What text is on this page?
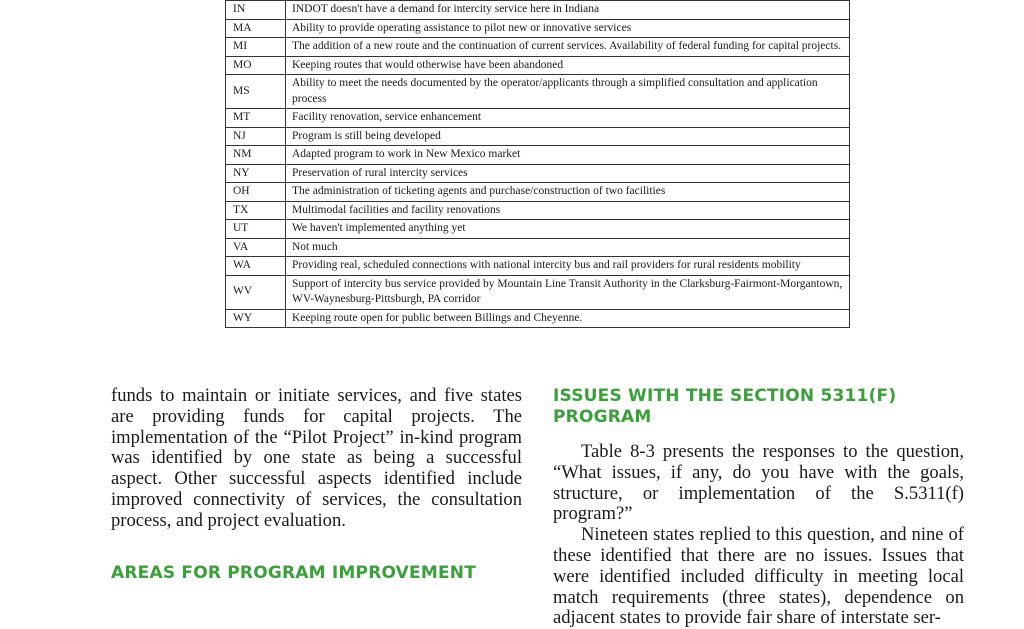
IN	INDOT doesn't have a demand for intercity service here in Indiana
MA	Ability to provide operating assistance to pilot new or innovative services
MI	The addition of a new route and the continuation of current services. Availability of federal funding for capital projects.
MO	Keeping routes that would otherwise have been abandoned
MS	Ability to meet the needs documented by the operator/applicants through a simplified consultation and application process
MT	Facility renovation, service enhancement
NJ	Program is still being developed
NM	Adapted program to work in New Mexico market
NY	Preservation of rural intercity services
OH	The administration of ticketing agents and purchase/construction of two facilities
TX	Multimodal facilities and facility renovations
UT	We haven't implemented anything yet
VA	Not much
WA	Providing real, scheduled connections with national intercity bus and rail providers for rural residents mobility
WV	Support of intercity bus service provided by Mountain Line Transit Authority in the Clarksburg-Fairmont-Morgantown, WV-Waynesburg-Pittsburgh, PA corridor
WY	Keeping route open for public between Billings and Cheyenne.

funds to maintain or initiate services, and five states are providing funds for capital projects. The implementation of the “Pilot Project” in-kind program was identified by one state as being a successful aspect. Other successful aspects identified include improved connectivity of services, the consultation process, and project evaluation.

AREAS FOR PROGRAM IMPROVEMENT

ISSUES WITH THE SECTION 5311(F) PROGRAM

Table 8-3 presents the responses to the question, “What issues, if any, do you have with the goals, structure, or implementation of the S.5311(f) program?”

Nineteen states replied to this question, and nine of these identified that there are no issues. Issues that were identified included difficulty in meeting local match requirements (three states), dependence on adjacent states to provide fair share of interstate ser-
